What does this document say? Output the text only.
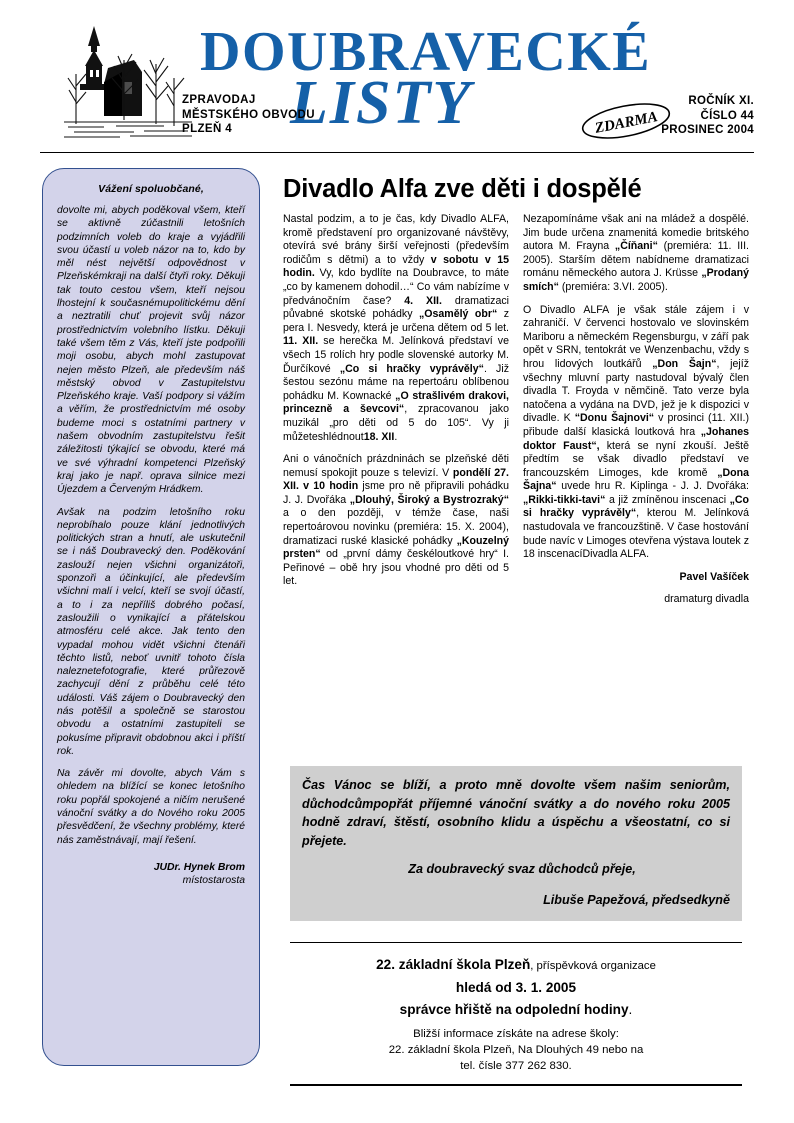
DOUBRAVECKÉ
LISTY	ZDARMA
ZPRAVODAJ
MĚSTSKÉHO OBVODU
PLZEŇ 4
ROČNÍK XI.
ČÍSLO 44
PROSINEC 2004
Vážení spoluobčané,

dovolte mi, abych poděkoval všem, kteří se aktivně zúčastnili letošních podzimních voleb do kraje a vyjádřili svou účastí u voleb názor na to, kdo by měl nést největší odpovědnost v Plzeňskémkraji na další čtyři roky. Děkuji tak touto cestou všem, kteří nejsou lhostejní k současnémupolitickému dění a neztratili chuť projevit svůj názor prostřednictvím volebního lístku. Děkuji také všem těm z Vás, kteří jste podpořili moji osobu, abych mohl zastupovat nejen město Plzeň, ale především náš městský obvod v Zastupitelstvu Plzeňského kraje. Vaší podpory si vážím a věřím, že prostřednictvím mé osoby budeme moci s ostatními partnery v našem obvodním zastupitelstvu řešit záležitosti týkající se obvodu, které má ve své výhradní kompetenci Plzeňský kraj jako je např. oprava silnice mezi Újezdem a Červeným Hrádkem.

Avšak na podzim letošního roku neprobíhalo pouze klání jednotlivých politických stran a hnutí, ale uskutečnil se i náš Doubravecký den. Poděkování zaslouží nejen všichni organizátoři, sponzoři a účinkující, ale především všichni malí i velcí, kteří se svojí účastí, a to i za nepříliš dobrého počasí, zasloužili o vynikající a přátelskou atmosféru celé akce. Jak tento den vypadal mohou vidět všichni čtenáři těchto listů, neboť uvnitř tohoto čísla naleznetefotografie, které průřezově zachycují dění z průběhu celé této události. Váš zájem o Doubravecký den nás potěšil a společně se starostou obvodu a ostatními zastupiteli se pokusíme připravit obdobnou akci i příští rok.

Na závěr mi dovolte, abych Vám s ohledem na blížící se konec letošního roku popřál spokojené a ničím nerušené vánoční svátky a do Nového roku 2005 přesvědčení, že všechny problémy, které nás zaměstnávají, mají řešení.

JUDr. Hynek Brom

místostarosta

Divadlo Alfa zve děti i dospělé

Nastal podzim, a to je čas, kdy Divadlo ALFA, kromě představení pro organizované návštěvy, otevírá své brány širší veřejnosti (především rodičům s dětmi) a to vždy v sobotu v 15 hodin. Vy, kdo bydlíte na Doubravce, to máte „co by kamenem dohodil…“ Co vám nabízíme v předvánočním čase? 4. XII. dramatizaci půvabné skotské pohádky „Osamělý obr“ z pera I. Nesvedy, která je určena dětem od 5 let. 11. XII. se herečka M. Jelínková představí ve všech 15 rolích hry podle slovenské autorky M. Ďurčíkové „Co si hračky vyprávěly“. Již šestou sezónu máme na repertoáru oblíbenou pohádku M. Kownacké „O strašlivém drakovi, princezně a ševcovi“, zpracovanou jako muzikál „pro děti od 5 do 105“. Vy ji můžeteshlédnout18. XII.

Ani o vánočních prázdninách se plzeňské děti nemusí spokojit pouze s televizí. V pondělí 27. XII. v 10 hodin jsme pro ně připravili pohádku J. J. Dvořáka „Dlouhý, Široký a Bystrozraký“ a o den později, v témže čase, naši repertoárovou novinku (premiéra: 15. X. 2004), dramatizaci ruské klasické pohádky „Kouzelný prsten“ od „první dámy českéloutkové hry“ I. Peřinové – obě hry jsou vhodné pro děti od 5 let.

Nezapomínáme však ani na mládež a dospělé. Jim bude určena znamenitá komedie britského autora M. Frayna „Číňani“ (premiéra: 11. III. 2005). Starším dětem nabídneme dramatizaci románu německého autora J. Krüsse „Prodaný smích“ (premiéra: 3.VI. 2005).

O Divadlo ALFA je však stále zájem i v zahraničí. V červenci hostovalo ve slovinském Mariboru a německém Regensburgu, v září pak opět v SRN, tentokrát ve Wenzenbachu, vždy s hrou lidových loutkářů „Don Šajn“, jejíž všechny mluvní party nastudoval bývalý člen divadla T. Froyda v němčině. Tato verze byla natočena a vydána na DVD, jež je k dispozici v divadle. K “Donu Šajnovi“ v prosinci (11. XII.) přibude další klasická loutková hra „Johanes doktor Faust“, která se nyní zkouší. Ještě předtím se však divadlo představí ve francouzském Limoges, kde kromě „Dona Šajna“ uvede hru R. Kiplinga - J. J. Dvořáka: „Rikki-tikki-tavi“ a již zmíněnou inscenaci „Co si hračky vyprávěly“, kterou M. Jelínková nastudovala ve francouzštině. V čase hostování bude navíc v Limoges otevřena výstava loutek z 18 inscenacíDivadla ALFA.

Pavel Vašíček

dramaturg divadla

Čas Vánoc se blíží, a proto mně dovolte všem našim seniorům, důchodcůmpopřát příjemné vánoční svátky a do nového roku 2005 hodně zdraví, štěstí, osobního klidu a úspěchu a všeostatní, co si přejete.

Za doubravecký svaz důchodců přeje,

Libuše Papežová, předsedkyně

22. základní škola Plzeň, příspěvková organizace

hledá od 3. 1. 2005

správce hřiště na odpolední hodiny.

Bližší informace získáte na adrese školy:

22. základní škola Plzeň, Na Dlouhých 49 nebo na

tel. čísle 377 262 830.
